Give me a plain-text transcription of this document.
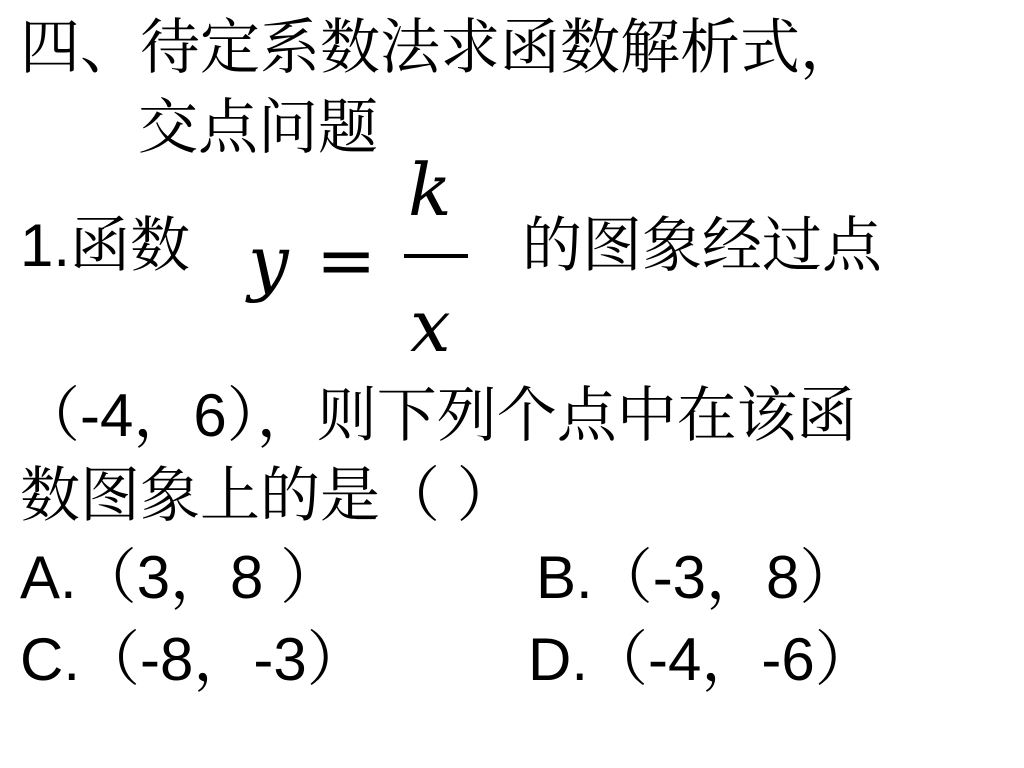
四、待定系数法求函数解析式，
交点问题
1.函数 y =
k
x
的图象经过点
（-4，6），则下列个点中在该函
数图象上的是（ ）
A.（3，8 ）	B.（-3，8）
C.（-8，-3）	D.（-4，-6）
